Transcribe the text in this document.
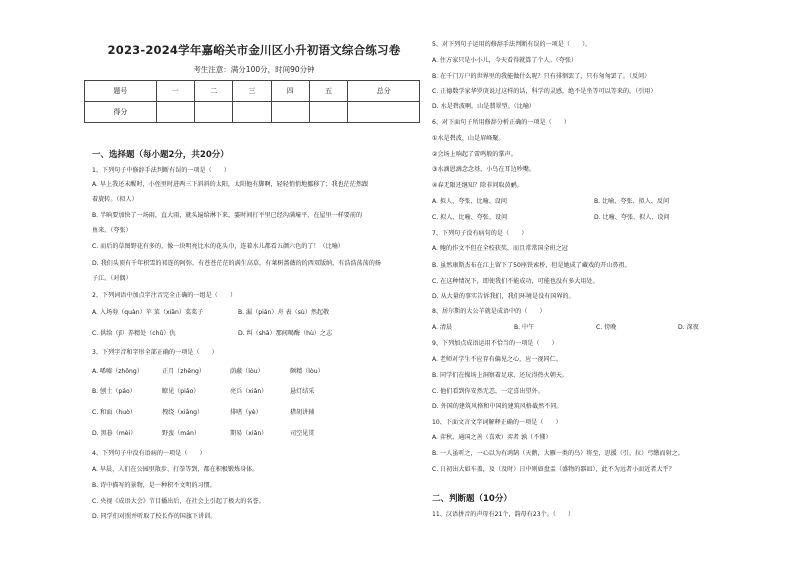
2023-2024学年嘉峪关市金川区小升初语文综合练习卷
考生注意：满分100分，时间90分钟
题号	一	二	三	四	五	总分
得分						
一、选择题（每小题2分，共20分）
1、下列句子中修辞手法判断有误的一项是（　　）
A. 早上我还未醒时，小侄里时进两三下斜斜的太阳，太阳他有脚啊，轻轻悄悄地挪移了；我也茫茫然跟
着旋转。（拟人）
B. 半晌要加快了一场雨，直大雨，就头遍给淋下来，霎时间打平里已经沟满壕平，在屋里一样要前的
鱼来。（夸张）
C. 而后的草图野花有多的，像一块明亮比水的花头巾，连着水儿都看五颜六色的了！（比喻）
D. 我们头顶有千年积雪的祁连的阿弥，有苍苍茫茫的满生高草，有莱树蔷薇的的西双版纳，有浩浩荡荡的扬
子江。（对偶）
2、下列词语中加点字注音完全正确的一组是（　　）
A. 入场券（quàn）苹 菜（xiān）菜菜子	B. 漏（pián）舟 表（sù）然起敬
C. 供给（jǐ）养精处（chǔ）仇	D. 纠（shā）那间喝酶（hù）之志
3、下列字音和字形全部正确的一项是（　　）
A. 唏嘘（zhōng）	正月（zhēng）	荫蔽（lòu）	颇精（lòu）
B. 刨土（páo）	瞭见（piǎo）	亮兵（xiǎn）	悬灯结采
C. 和面（huò）	拽绕（xiāng）	排嗜（yè）	猎胡讲辅
D. 黑暮（mèi）	野蛮（mán）	期易（xiǎn）	司空见贯
4、下列句子中没有语病的一项是（　　）
A. 早晨，人们在公园里散步、打拳等到，都在积极锻炼身体。
B. 诗中描写的景物，是一种积不文明的习惯。
C. 央视《成语大会》节目播出后，在社会上引起了极大的名誉。
D. 同学们对照并听取了校长作的国旗下讲训。
5、对下列句子运用的修辞手法判断有误的一项是（　　）。
A. 住方家只是小小儿，今天看得就算了个人。（夸张）
B. 在千门万户的世界里的我能做什么呢？只有徘徊罢了，只有匆匆罢了。（反问）
C. 正德数学家华罗庚说过这样的话，科学的灵感，绝不是坐等可以等来的。（引用）
D. 水是碧波啊，山是翡翠型。（比喻）
6、对下面句子所用修辞分析正确的一项是（　　）
①水是碧波，山是眉峰聚。
②会场上响起了雷鸣般的掌声。
③水滴恩滴念念基，小鸟在耳边吵嘴。
④春无限还继知？除非问取黄鹂。
A. 拟人、夸张、比喻、设问	B. 比喻、夸张、拟人、反问
C. 拟人、比喻、夸张、设问	D. 比喻、夸张、拟人、设问
7、下列句子没有病句的是（　　）
A. 鲍的作文不但在全校获奖，而且常常国全班之冠
B. 虽然康斯杰布在江上留下了50座铁索桥，但是她成了藏戏的开山鼻祖。
C. 在这种情况下，即使我们不能成功，可能也没有多大用处。
D. 从大量的事实告诉我们，我们环境是没有国界的。
8、居尔斯的大公羊就是成语中的（　　）
A. 清晨	B. 中午	C. 傍晚	D. 深夜
9、下列加点成语运用不恰当的一项是（　　）
A. 老师对学生不应存有偏见之心，应一视同仁。
B. 同学们在操场上洞察着足球，还玩得热火朝天。
C. 他们看到你安然无恙，一定喜出望外。
D. 外国的建筑风格和中国的建筑风格截然不同。
10、下面文言文字词解释正确的一项是（　　）
A. 弈秋，通国之善（喜欢）弈者 孰（不懂）
B. 一人虽听之，一心以为有鸿鹄（天鹅，大雁一类的鸟）将至，思援（引，拉）弓缴而射之。
C. 日初出大如车盖，及（及时）日中则如盘盂（盛物的器皿），此不为远者小而近者大乎？
二、判断题（10分）
11、汉语拼音的声母有21个，韵母有23个。（　　）
